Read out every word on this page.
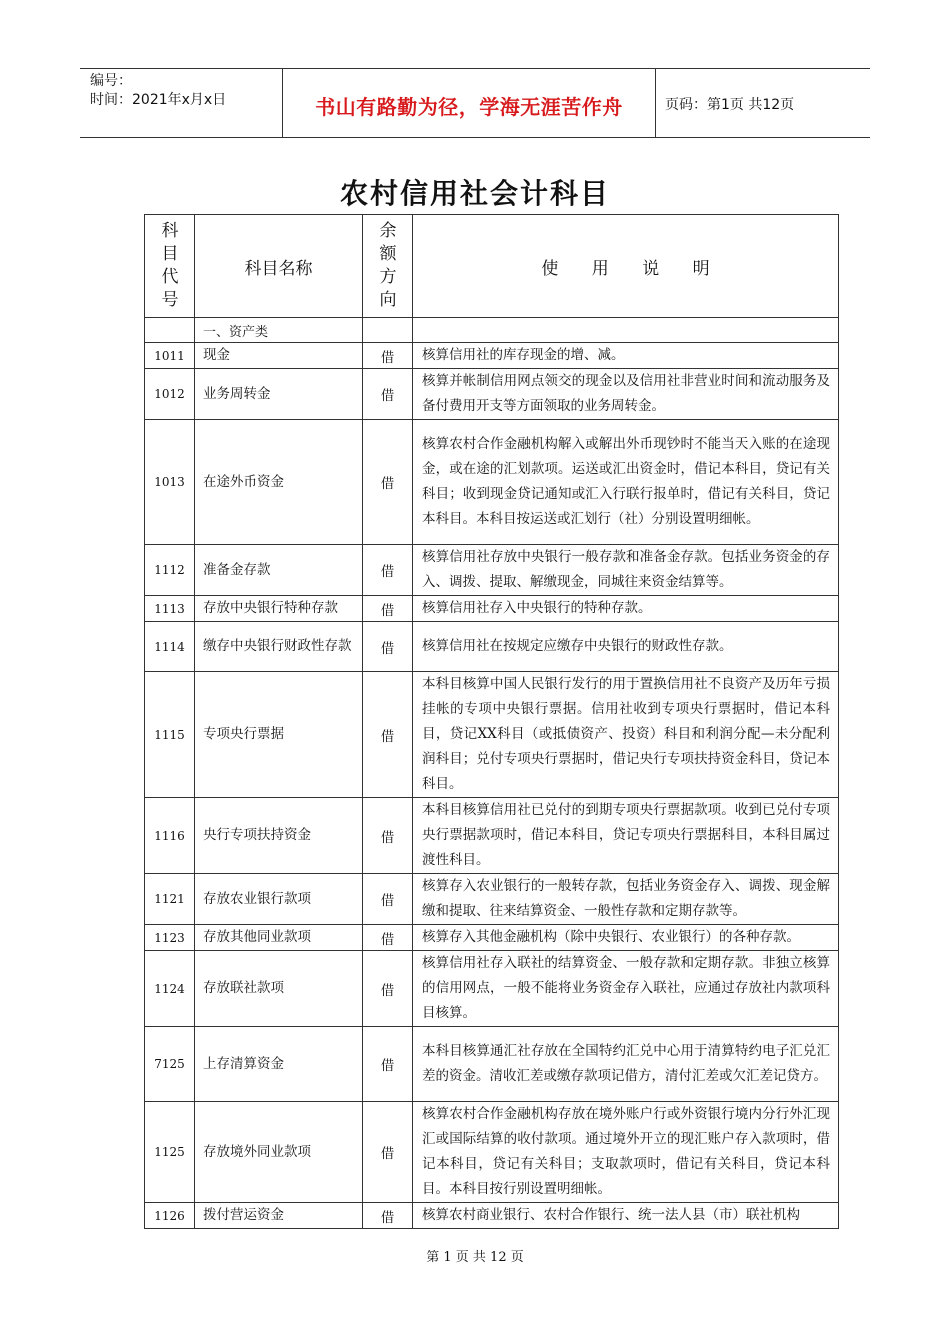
编号：
时间：2021年x月x日	书山有路勤为径，学海无涯苦作舟	页码：第1页 共12页
农村信用社会计科目
科 目 代 号	科目名称	余 额 方 向	使 用 说 明
	一、资产类		
1011	现金	借	核算信用社的库存现金的增、减。
1012	业务周转金	借	核算并帐制信用网点领交的现金以及信用社非营业时间和流动服务及备付费用开支等方面领取的业务周转金。
1013	在途外币资金	借	核算农村合作金融机构解入或解出外币现钞时不能当天入账的在途现金，或在途的汇划款项。运送或汇出资金时，借记本科目，贷记有关科目；收到现金贷记通知或汇入行联行报单时，借记有关科目，贷记本科目。本科目按运送或汇划行（社）分别设置明细帐。
1112	准备金存款	借	核算信用社存放中央银行一般存款和准备金存款。包括业务资金的存入、调拨、提取、解缴现金，同城往来资金结算等。
1113	存放中央银行特种存款	借	核算信用社存入中央银行的特种存款。
1114	缴存中央银行财政性存款	借	核算信用社在按规定应缴存中央银行的财政性存款。
1115	专项央行票据	借	本科目核算中国人民银行发行的用于置换信用社不良资产及历年亏损挂帐的专项中央银行票据。信用社收到专项央行票据时，借记本科目，贷记XX科目（或抵债资产、投资）科目和利润分配—未分配利润科目；兑付专项央行票据时，借记央行专项扶持资金科目，贷记本科目。
1116	央行专项扶持资金	借	本科目核算信用社已兑付的到期专项央行票据款项。收到已兑付专项央行票据款项时，借记本科目，贷记专项央行票据科目，本科目属过渡性科目。
1121	存放农业银行款项	借	核算存入农业银行的一般转存款，包括业务资金存入、调拨、现金解缴和提取、往来结算资金、一般性存款和定期存款等。
1123	存放其他同业款项	借	核算存入其他金融机构（除中央银行、农业银行）的各种存款。
1124	存放联社款项	借	核算信用社存入联社的结算资金、一般存款和定期存款。非独立核算的信用网点，一般不能将业务资金存入联社，应通过存放社内款项科目核算。
7125	上存清算资金	借	本科目核算通汇社存放在全国特约汇兑中心用于清算特约电子汇兑汇差的资金。清收汇差或缴存款项记借方，清付汇差或欠汇差记贷方。
1125	存放境外同业款项	借	核算农村合作金融机构存放在境外账户行或外资银行境内分行外汇现汇或国际结算的收付款项。通过境外开立的现汇账户存入款项时，借记本科目，贷记有关科目；支取款项时，借记有关科目，贷记本科目。本科目按行别设置明细帐。
1126	拨付营运资金	借	核算农村商业银行、农村合作银行、统一法人县（市）联社机构
第 1 页 共 12 页
